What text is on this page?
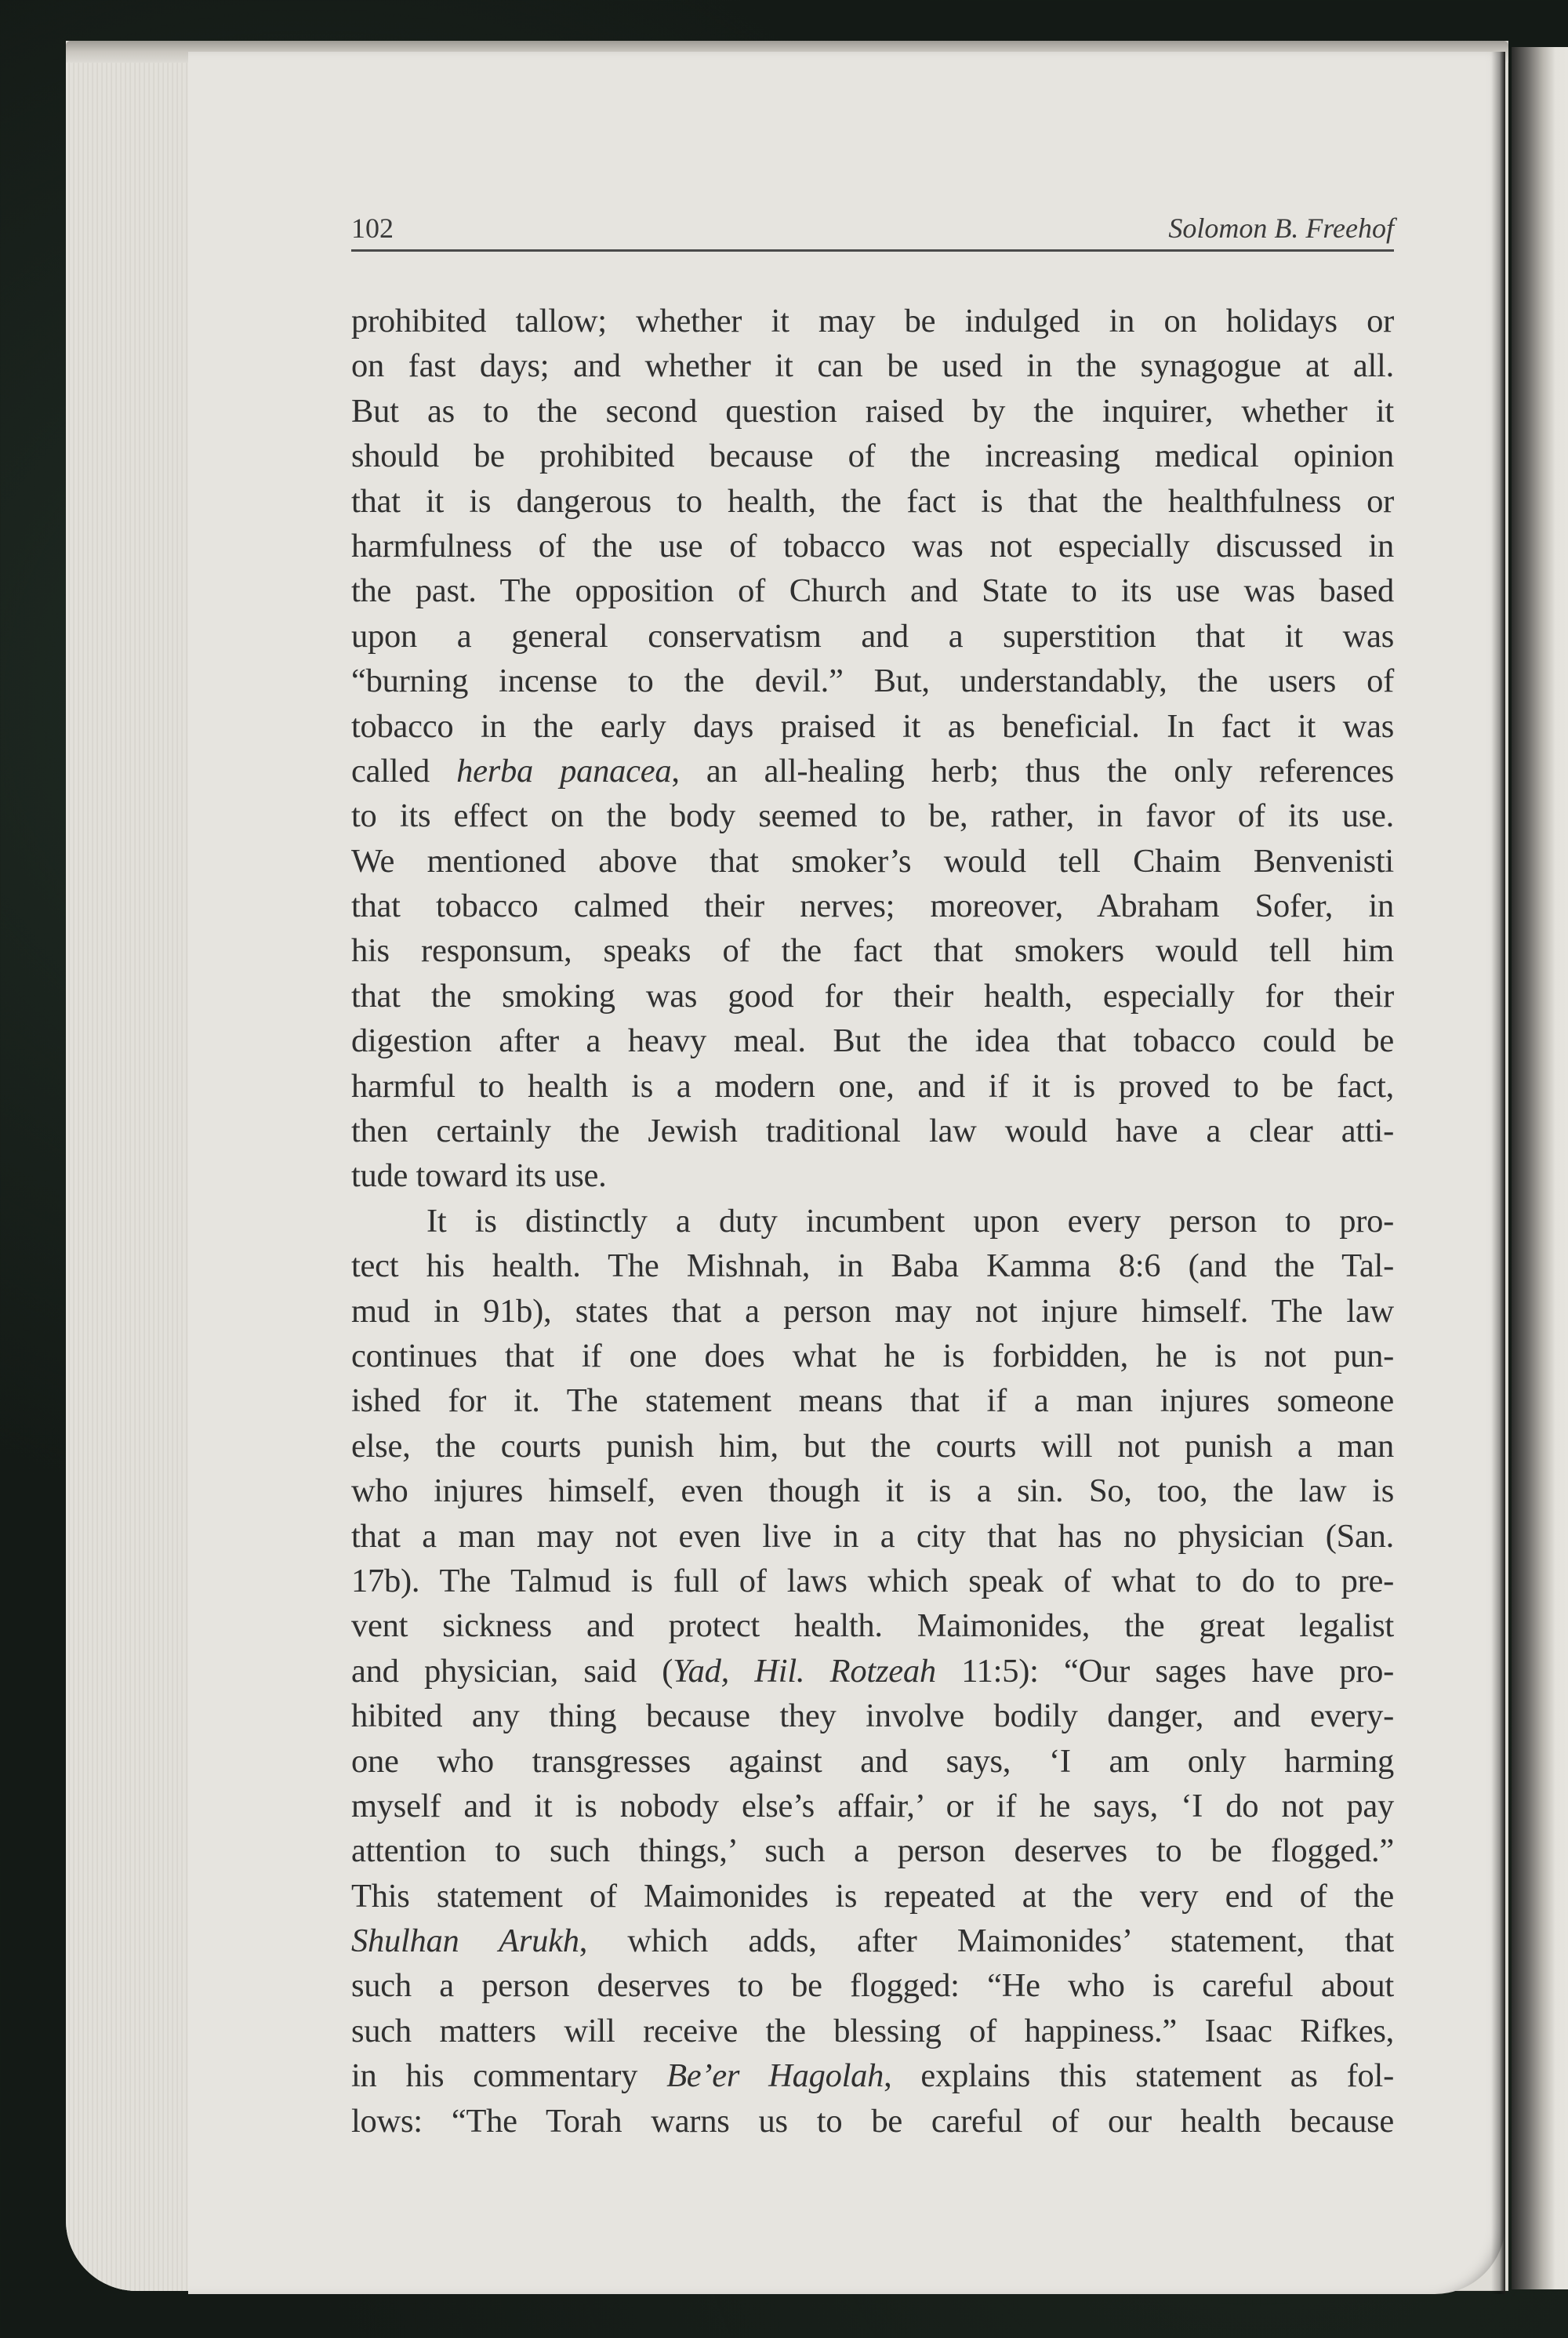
102	Solomon B. Freehof
prohibited tallow; whether it may be indulged in on holidays or
on fast days; and whether it can be used in the synagogue at all.
But as to the second question raised by the inquirer, whether it
should be prohibited because of the increasing medical opinion
that it is dangerous to health, the fact is that the healthfulness or
harmfulness of the use of tobacco was not especially discussed in
the past. The opposition of Church and State to its use was based
upon a general conservatism and a superstition that it was
“burning incense to the devil.” But, understandably, the users of
tobacco in the early days praised it as beneficial. In fact it was
called herba panacea, an all-healing herb; thus the only references
to its effect on the body seemed to be, rather, in favor of its use.
We mentioned above that smoker’s would tell Chaim Benvenisti
that tobacco calmed their nerves; moreover, Abraham Sofer, in
his responsum, speaks of the fact that smokers would tell him
that the smoking was good for their health, especially for their
digestion after a heavy meal. But the idea that tobacco could be
harmful to health is a modern one, and if it is proved to be fact,
then certainly the Jewish traditional law would have a clear atti-
tude toward its use.
It is distinctly a duty incumbent upon every person to pro-
tect his health. The Mishnah, in Baba Kamma 8:6 (and the Tal-
mud in 91b), states that a person may not injure himself. The law
continues that if one does what he is forbidden, he is not pun-
ished for it. The statement means that if a man injures someone
else, the courts punish him, but the courts will not punish a man
who injures himself, even though it is a sin. So, too, the law is
that a man may not even live in a city that has no physician (San.
17b). The Talmud is full of laws which speak of what to do to pre-
vent sickness and protect health. Maimonides, the great legalist
and physician, said (Yad, Hil. Rotzeah 11:5): “Our sages have pro-
hibited any thing because they involve bodily danger, and every-
one who transgresses against and says, ‘I am only harming
myself and it is nobody else’s affair,’ or if he says, ‘I do not pay
attention to such things,’ such a person deserves to be flogged.”
This statement of Maimonides is repeated at the very end of the
Shulhan Arukh, which adds, after Maimonides’ statement, that
such a person deserves to be flogged: “He who is careful about
such matters will receive the blessing of happiness.” Isaac Rifkes,
in his commentary Be’er Hagolah, explains this statement as fol-
lows: “The Torah warns us to be careful of our health because
